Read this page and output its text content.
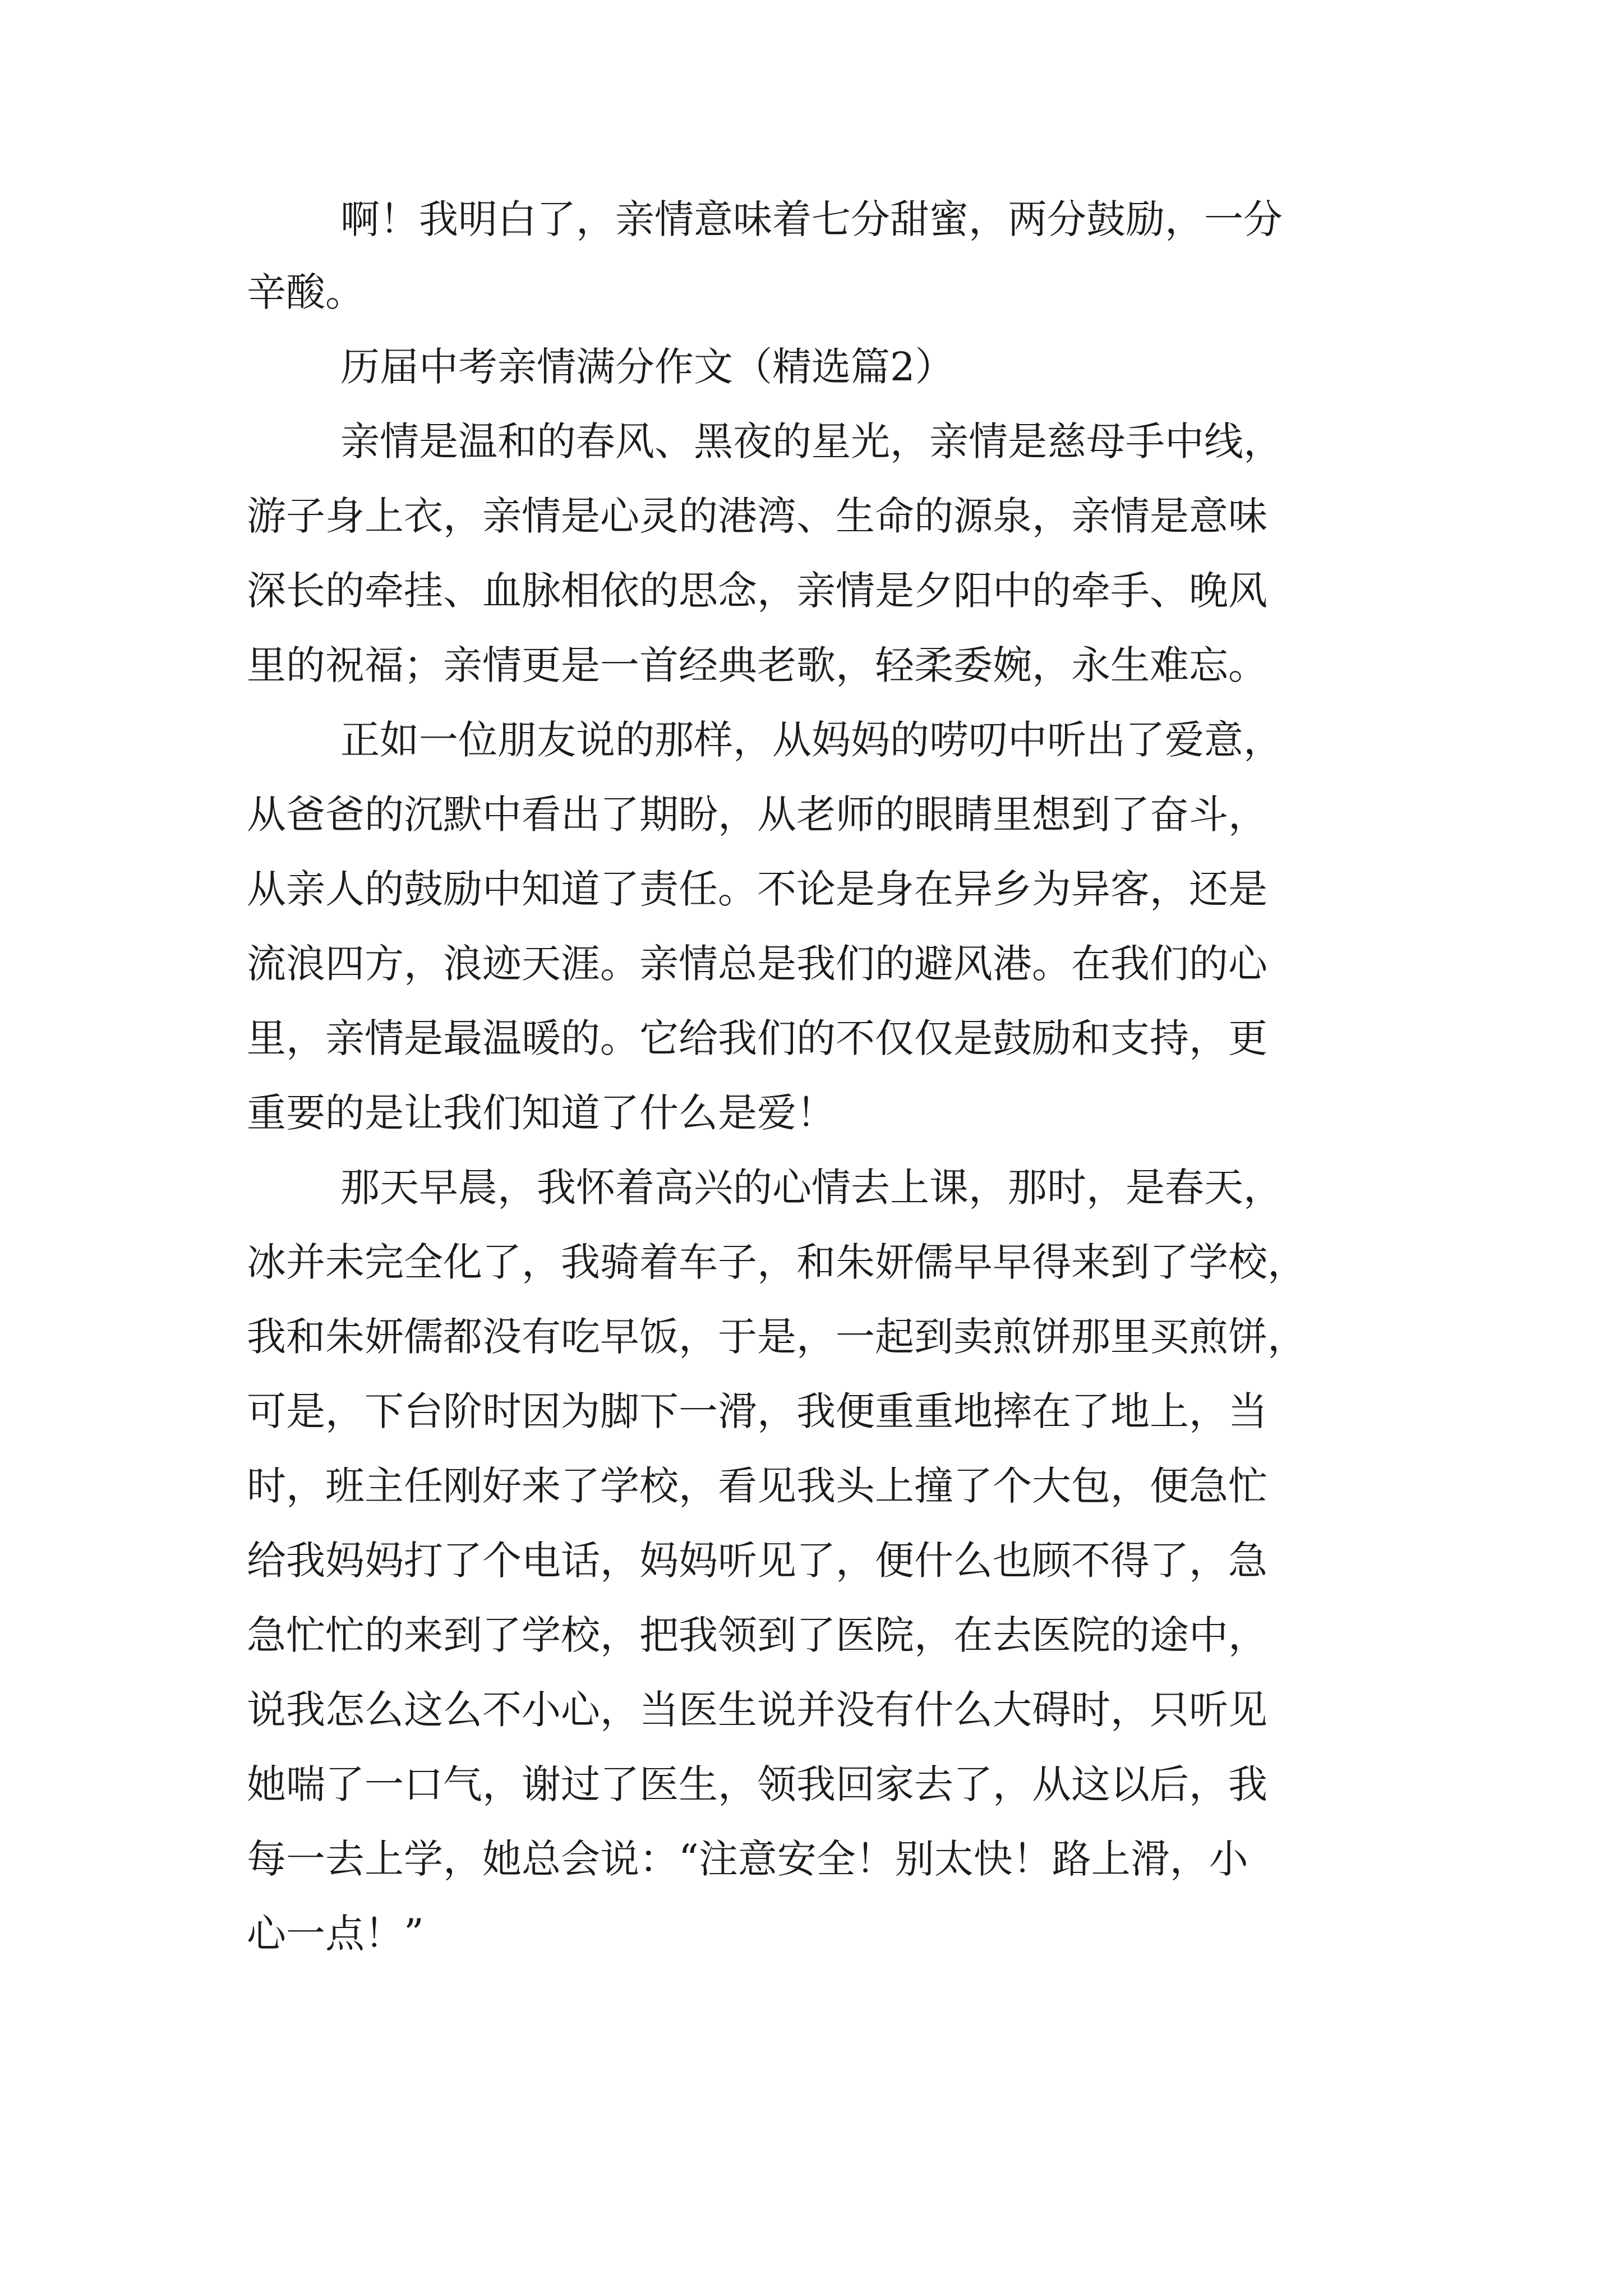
啊！我明白了，亲情意味着七分甜蜜，两分鼓励，一分

辛酸。

历届中考亲情满分作文（精选篇2）

亲情是温和的春风、黑夜的星光，亲情是慈母手中线，

游子身上衣，亲情是心灵的港湾、生命的源泉，亲情是意味

深长的牵挂、血脉相依的思念，亲情是夕阳中的牵手、晚风

里的祝福；亲情更是一首经典老歌，轻柔委婉，永生难忘。

正如一位朋友说的那样，从妈妈的唠叨中听出了爱意，

从爸爸的沉默中看出了期盼，从老师的眼睛里想到了奋斗，

从亲人的鼓励中知道了责任。不论是身在异乡为异客，还是

流浪四方，浪迹天涯。亲情总是我们的避风港。在我们的心

里，亲情是最温暖的。它给我们的不仅仅是鼓励和支持，更

重要的是让我们知道了什么是爱！

那天早晨，我怀着高兴的心情去上课，那时，是春天，

冰并未完全化了，我骑着车子，和朱妍儒早早得来到了学校，

我和朱妍儒都没有吃早饭，于是，一起到卖煎饼那里买煎饼，

可是，下台阶时因为脚下一滑，我便重重地摔在了地上，当

时，班主任刚好来了学校，看见我头上撞了个大包，便急忙

给我妈妈打了个电话，妈妈听见了，便什么也顾不得了，急

急忙忙的来到了学校，把我领到了医院，在去医院的途中，

说我怎么这么不小心，当医生说并没有什么大碍时，只听见

她喘了一口气，谢过了医生，领我回家去了，从这以后，我

每一去上学，她总会说：“注意安全！别太快！路上滑，小

心一点！”
